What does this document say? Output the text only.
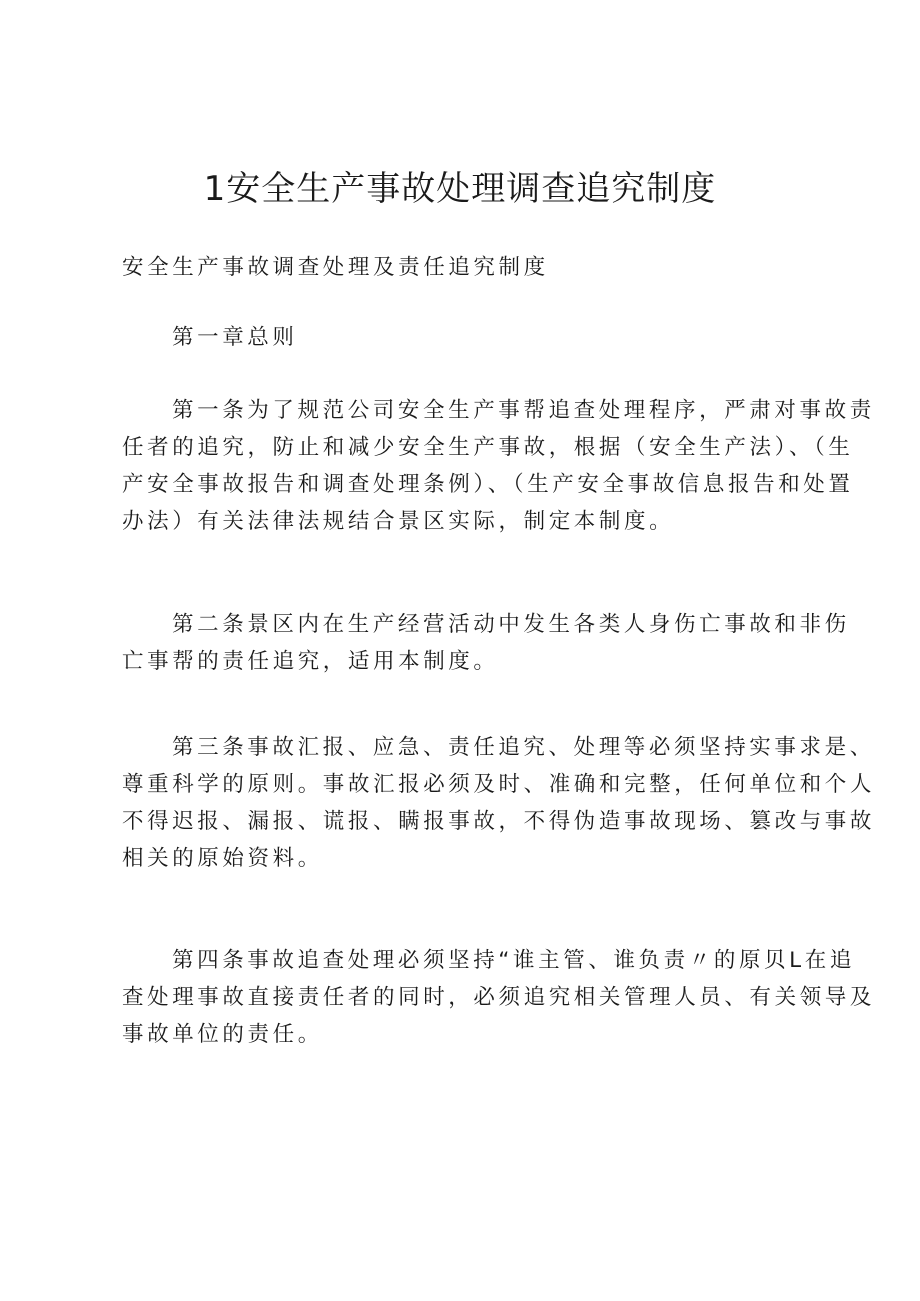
1安全生产事故处理调查追究制度

安全生产事故调查处理及责任追究制度

第一章总则

第一条为了规范公司安全生产事帮追查处理程序，严肃对事故责
任者的追究，防止和减少安全生产事故，根据（安全生产法）、（生
产安全事故报告和调查处理条例）、（生产安全事故信息报告和处置
办法）有关法律法规结合景区实际，制定本制度。

第二条景区内在生产经营活动中发生各类人身伤亡事故和非伤
亡事帮的责任追究，适用本制度。

第三条事故汇报、应急、责任追究、处理等必须坚持实事求是、
尊重科学的原则。事故汇报必须及时、准确和完整，任何单位和个人
不得迟报、漏报、谎报、瞒报事故，不得伪造事故现场、篡改与事故
相关的原始资料。

第四条事故追查处理必须坚持“谁主管、谁负责〃的原贝L在追
查处理事故直接责任者的同时，必须追究相关管理人员、有关领导及
事故单位的责任。
